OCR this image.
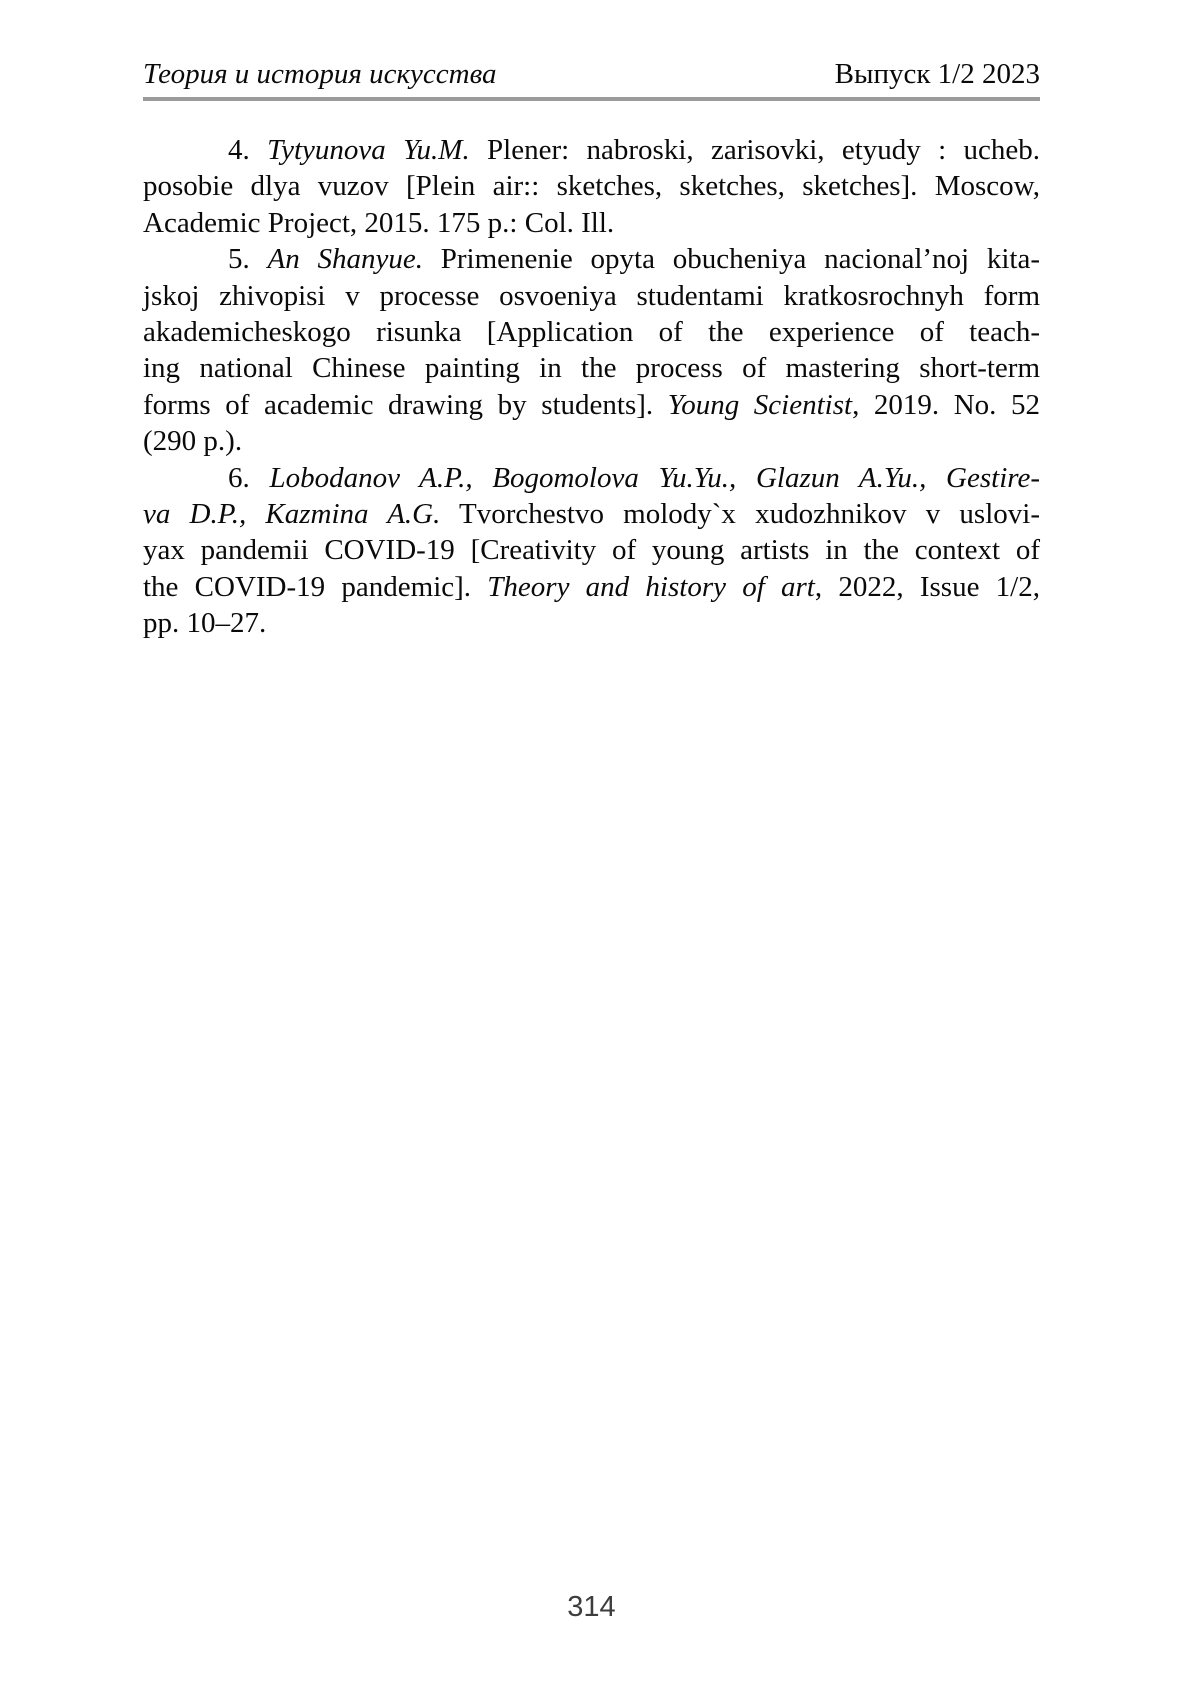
Теория и история искусства	Выпуск 1/2 2023
4. Tytyunova Yu.M. Plener: nabroski, zarisovki, etyudy : ucheb.
posobie dlya vuzov [Plein air:: sketches, sketches, sketches]. Moscow,
Academic Project, 2015. 175 p.: Col. Ill.
5. An Shanyue. Primenenie opyta obucheniya nacional’noj kita-
jskoj zhivopisi v processe osvoeniya studentami kratkosrochnyh form
akademicheskogo risunka [Application of the experience of teach-
ing national Chinese painting in the process of mastering short-term
forms of academic drawing by students]. Young Scientist, 2019. No. 52
(290 p.).
6. Lobodanov A.P., Bogomolova Yu.Yu., Glazun A.Yu., Gestire-
va D.P., Kazmina A.G. Tvorchestvo molody`x xudozhnikov v uslovi-
yax pandemii COVID-19 [Creativity of young artists in the context of
the COVID-19 pandemic]. Theory and history of art, 2022, Issue 1/2,
pp. 10–27.
314
